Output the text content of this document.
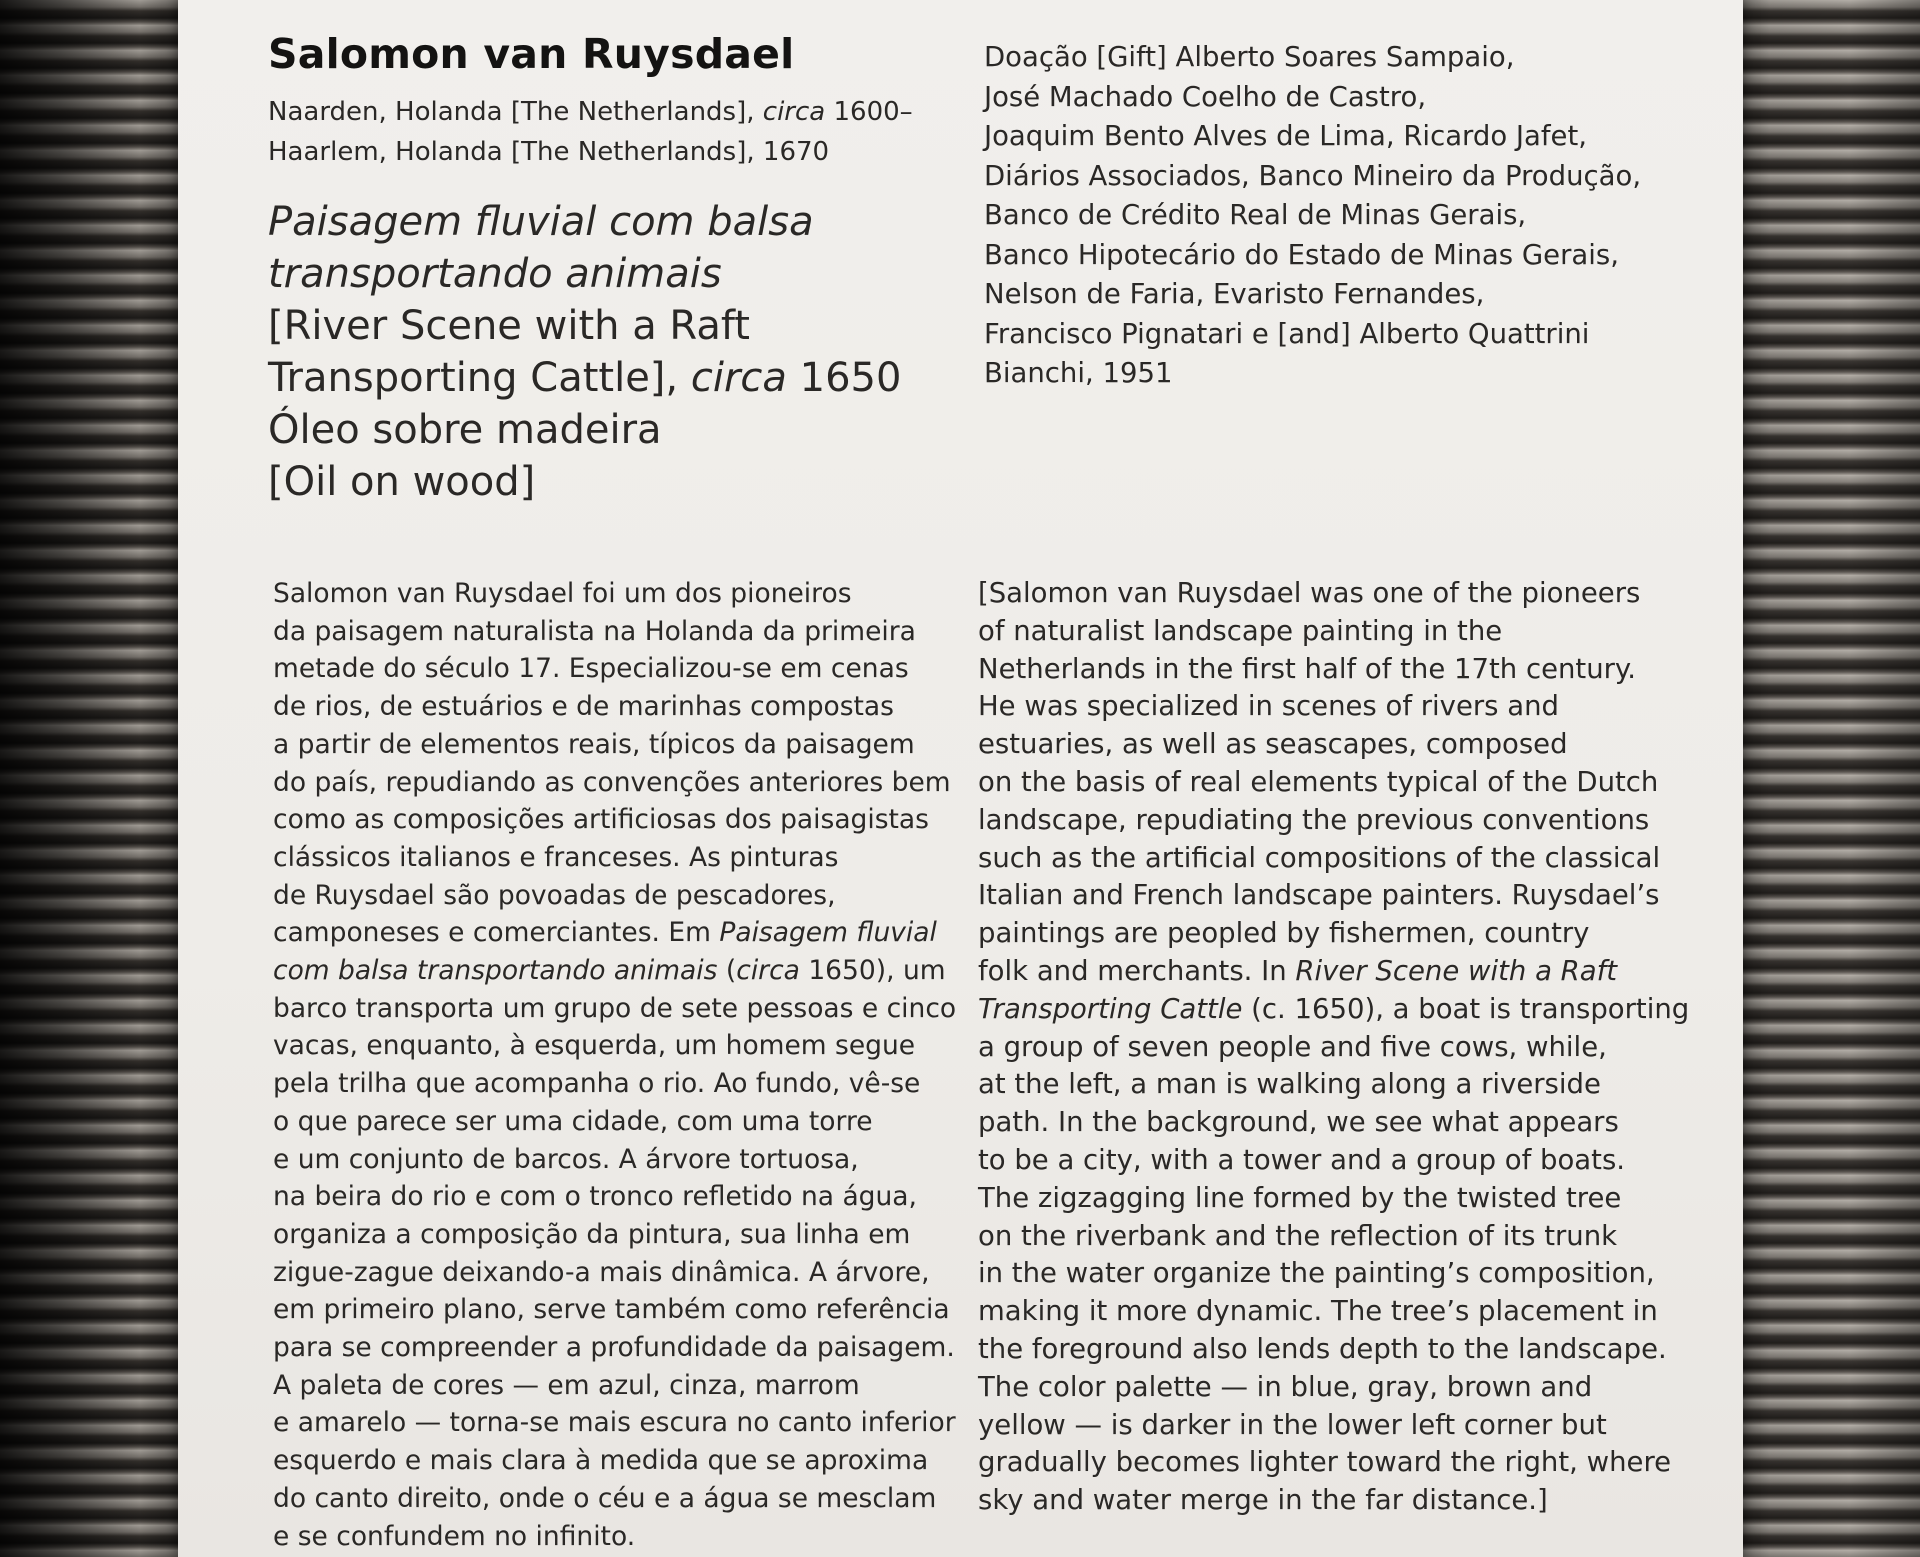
Salomon van Ruysdael
Naarden, Holanda [The Netherlands], circa 1600–
Haarlem, Holanda [The Netherlands], 1670
Paisagem fluvial com balsa
transportando animais
[River Scene with a Raft
Transporting Cattle], circa 1650
Óleo sobre madeira
[Oil on wood]
Doação [Gift] Alberto Soares Sampaio,
José Machado Coelho de Castro,
Joaquim Bento Alves de Lima, Ricardo Jafet,
Diários Associados, Banco Mineiro da Produção,
Banco de Crédito Real de Minas Gerais,
Banco Hipotecário do Estado de Minas Gerais,
Nelson de Faria, Evaristo Fernandes,
Francisco Pignatari e [and] Alberto Quattrini
Bianchi, 1951
Salomon van Ruysdael foi um dos pioneiros
da paisagem naturalista na Holanda da primeira
metade do século 17. Especializou-se em cenas
de rios, de estuários e de marinhas compostas
a partir de elementos reais, típicos da paisagem
do país, repudiando as convenções anteriores bem
como as composições artificiosas dos paisagistas
clássicos italianos e franceses. As pinturas
de Ruysdael são povoadas de pescadores,
camponeses e comerciantes. Em Paisagem fluvial
com balsa transportando animais (circa 1650), um
barco transporta um grupo de sete pessoas e cinco
vacas, enquanto, à esquerda, um homem segue
pela trilha que acompanha o rio. Ao fundo, vê-se
o que parece ser uma cidade, com uma torre
e um conjunto de barcos. A árvore tortuosa,
na beira do rio e com o tronco refletido na água,
organiza a composição da pintura, sua linha em
zigue-zague deixando-a mais dinâmica. A árvore,
em primeiro plano, serve também como referência
para se compreender a profundidade da paisagem.
A paleta de cores — em azul, cinza, marrom
e amarelo — torna-se mais escura no canto inferior
esquerdo e mais clara à medida que se aproxima
do canto direito, onde o céu e a água se mesclam
e se confundem no infinito.
[Salomon van Ruysdael was one of the pioneers
of naturalist landscape painting in the
Netherlands in the first half of the 17th century.
He was specialized in scenes of rivers and
estuaries, as well as seascapes, composed
on the basis of real elements typical of the Dutch
landscape, repudiating the previous conventions
such as the artificial compositions of the classical
Italian and French landscape painters. Ruysdael’s
paintings are peopled by fishermen, country
folk and merchants. In River Scene with a Raft
Transporting Cattle (c. 1650), a boat is transporting
a group of seven people and five cows, while,
at the left, a man is walking along a riverside
path. In the background, we see what appears
to be a city, with a tower and a group of boats.
The zigzagging line formed by the twisted tree
on the riverbank and the reflection of its trunk
in the water organize the painting’s composition,
making it more dynamic. The tree’s placement in
the foreground also lends depth to the landscape.
The color palette — in blue, gray, brown and
yellow — is darker in the lower left corner but
gradually becomes lighter toward the right, where
sky and water merge in the far distance.]
